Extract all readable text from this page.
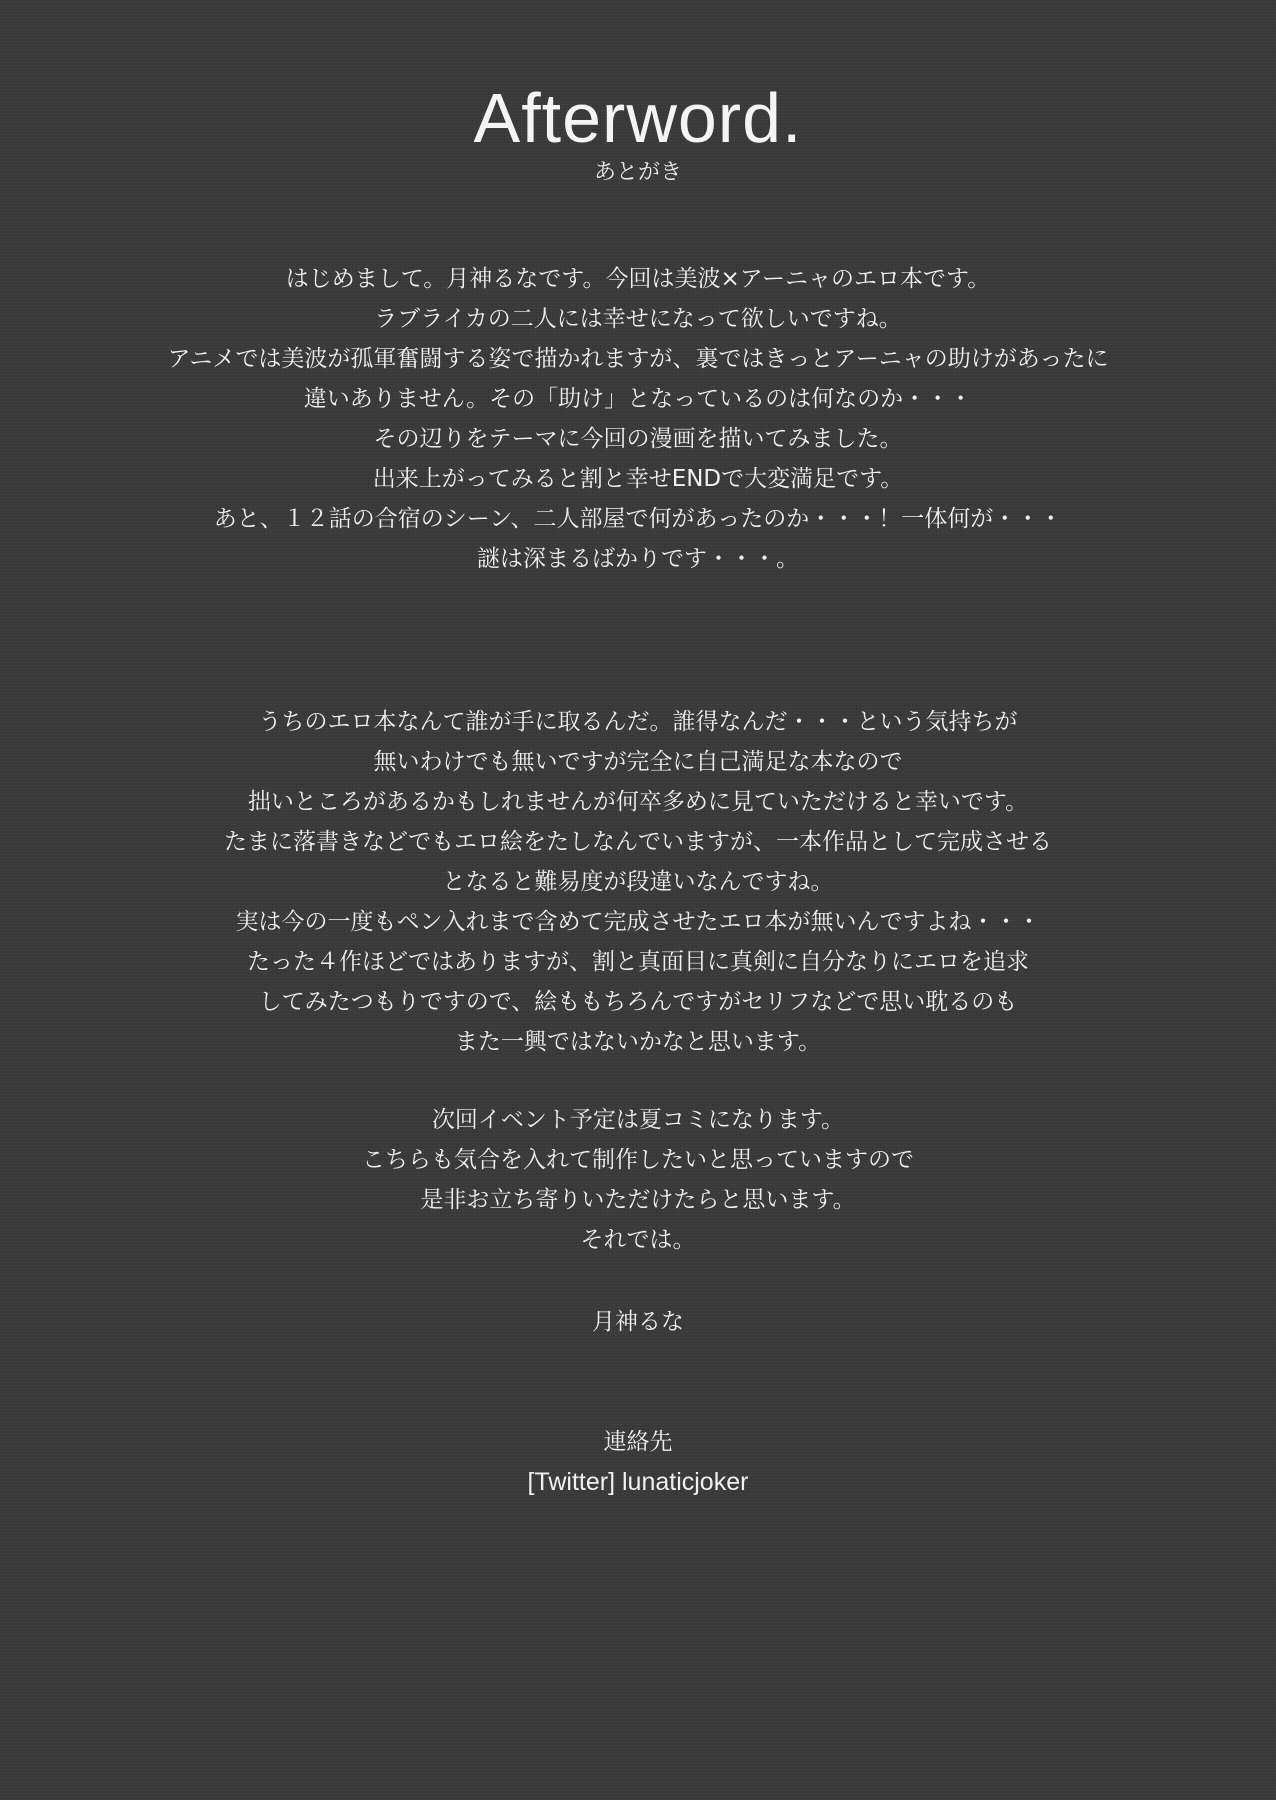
Afterword.
あとがき
はじめまして。月神るなです。今回は美波×アーニャのエロ本です。
ラブライカの二人には幸せになって欲しいですね。
アニメでは美波が孤軍奮闘する姿で描かれますが、裏ではきっとアーニャの助けがあったに
違いありません。その「助け」となっているのは何なのか・・・
その辺りをテーマに今回の漫画を描いてみました。
出来上がってみると割と幸せENDで大変満足です。
あと、１２話の合宿のシーン、二人部屋で何があったのか・・・！一体何が・・・
謎は深まるばかりです・・・。
うちのエロ本なんて誰が手に取るんだ。誰得なんだ・・・という気持ちが
無いわけでも無いですが完全に自己満足な本なので
拙いところがあるかもしれませんが何卒多めに見ていただけると幸いです。
たまに落書きなどでもエロ絵をたしなんでいますが、一本作品として完成させる
となると難易度が段違いなんですね。
実は今の一度もペン入れまで含めて完成させたエロ本が無いんですよね・・・
たった４作ほどではありますが、割と真面目に真剣に自分なりにエロを追求
してみたつもりですので、絵ももちろんですがセリフなどで思い耽るのも
また一興ではないかなと思います。
次回イベント予定は夏コミになります。
こちらも気合を入れて制作したいと思っていますので
是非お立ち寄りいただけたらと思います。
それでは。
月神るな
連絡先
[Twitter] lunaticjoker
